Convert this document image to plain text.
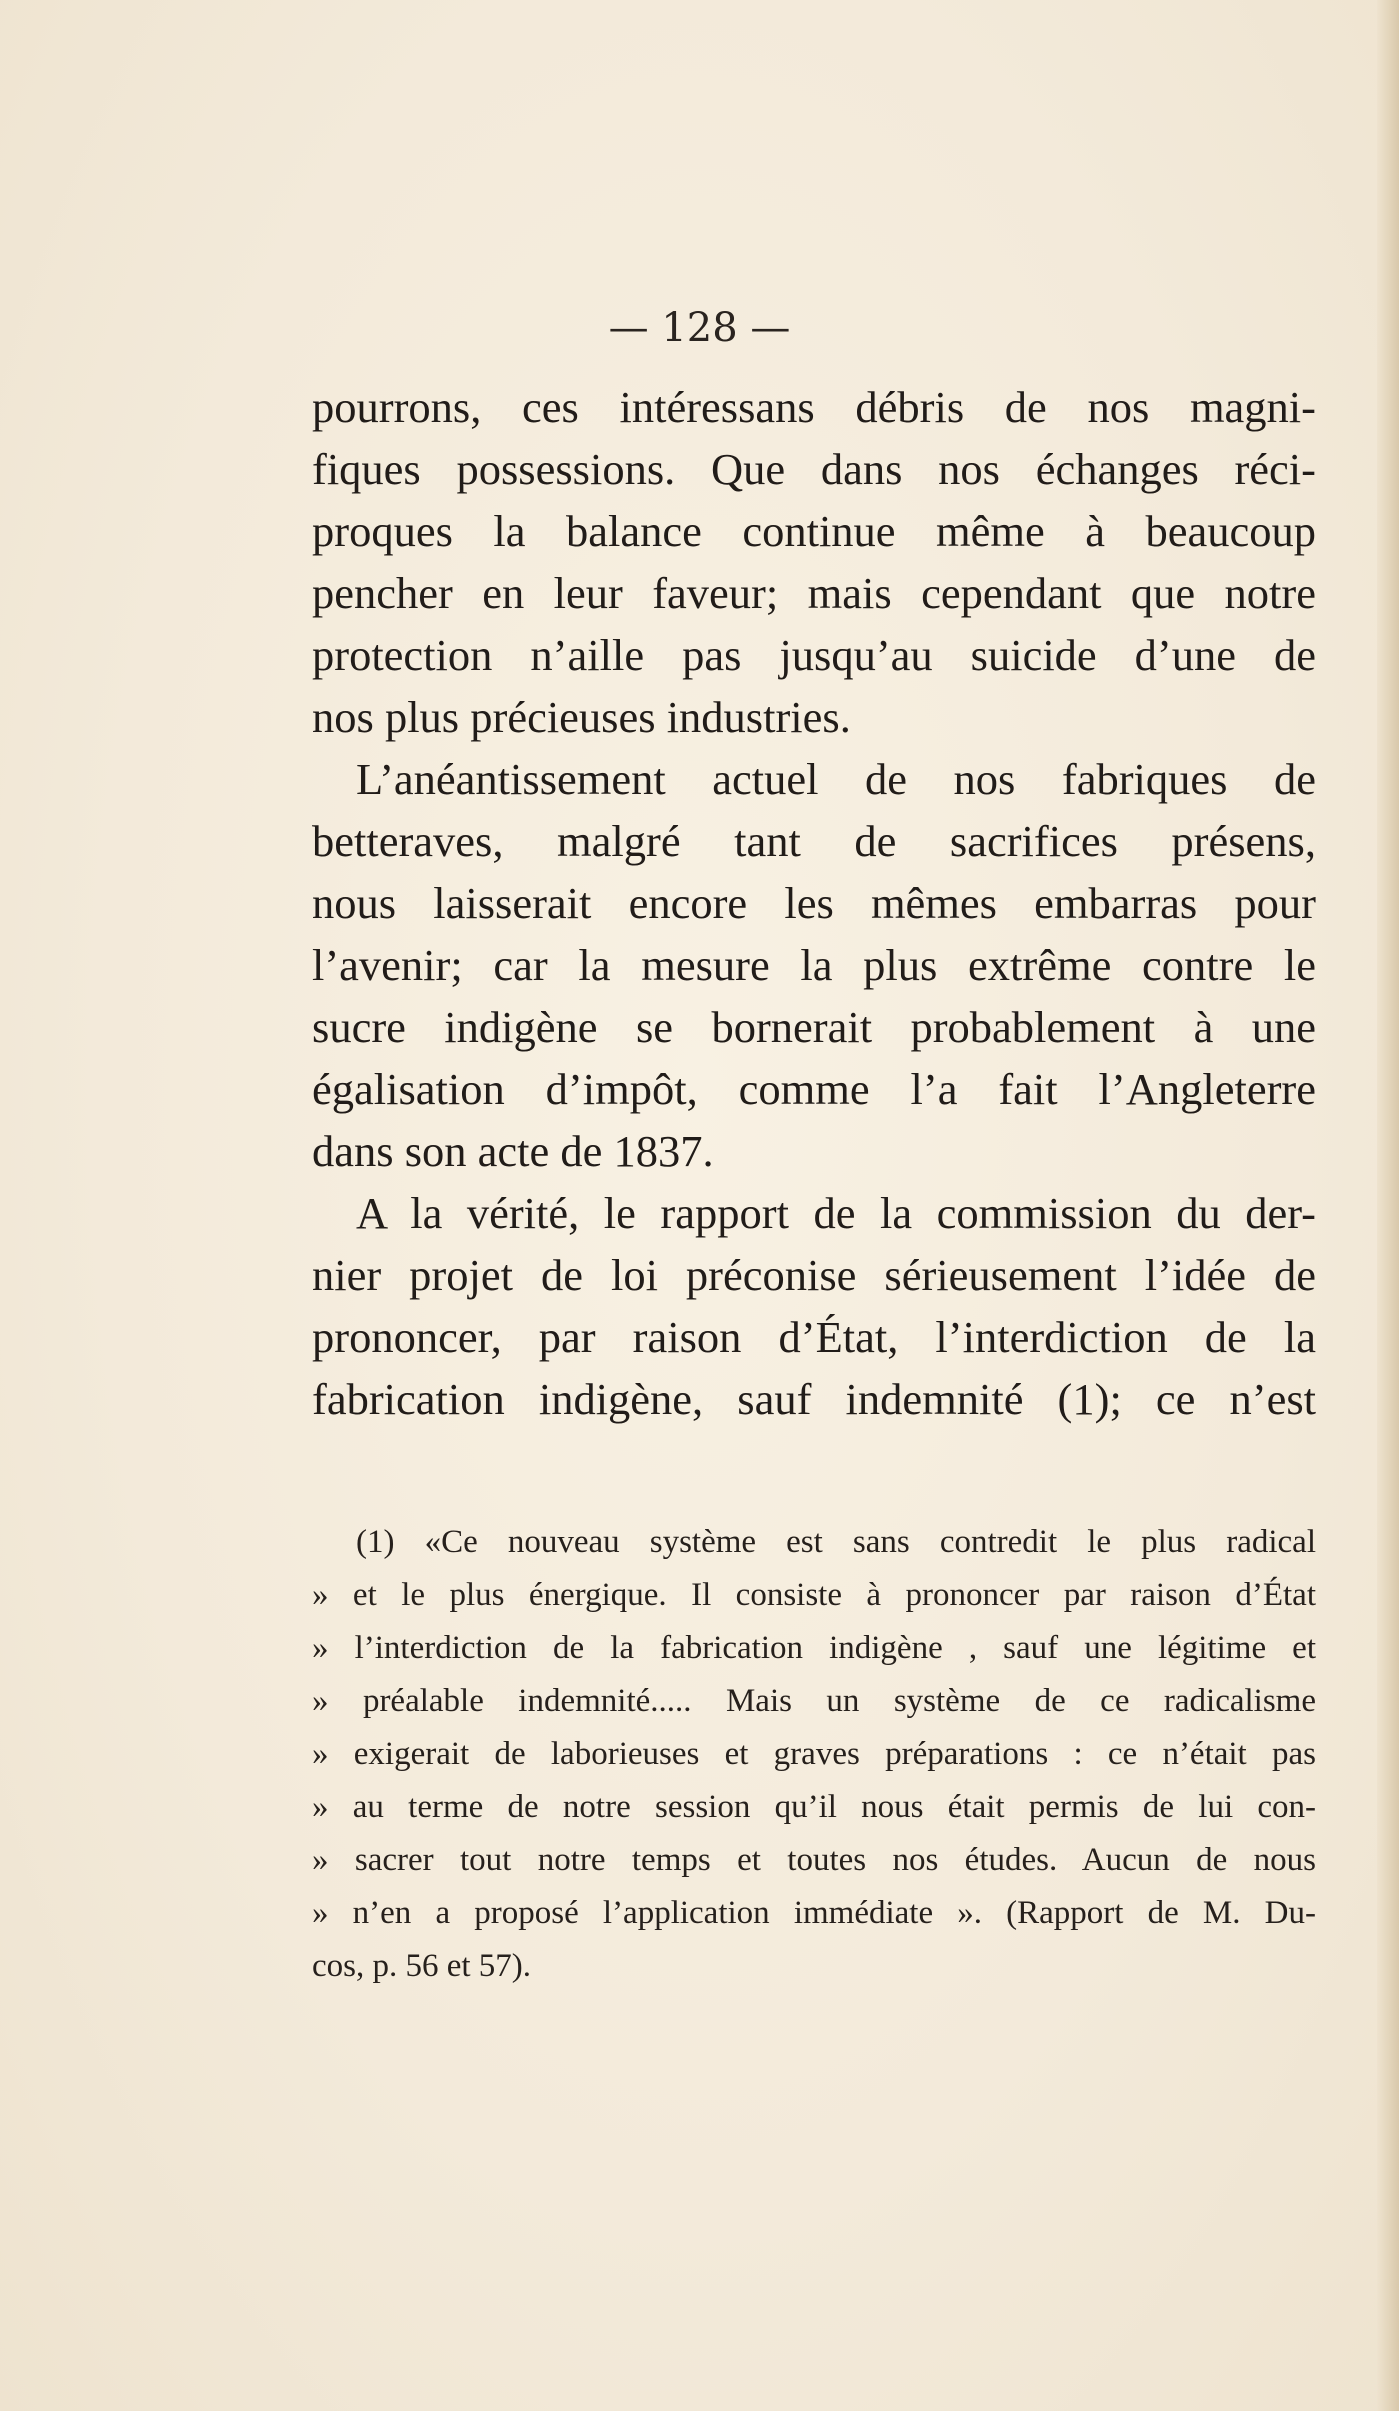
— 128 —
pourrons, ces intéressans débris de nos magni-
fiques possessions. Que dans nos échanges réci-
proques la balance continue même à beaucoup
pencher en leur faveur; mais cependant que notre
protection n’aille pas jusqu’au suicide d’une de
nos plus précieuses industries.
L’anéantissement actuel de nos fabriques de
betteraves, malgré tant de sacrifices présens,
nous laisserait encore les mêmes embarras pour
l’avenir; car la mesure la plus extrême contre le
sucre indigène se bornerait probablement à une
égalisation d’impôt, comme l’a fait l’Angleterre
dans son acte de 1837.
A la vérité, le rapport de la commission du der-
nier projet de loi préconise sérieusement l’idée de
prononcer, par raison d’État, l’interdiction de la
fabrication indigène, sauf indemnité (1); ce n’est
(1) «Ce nouveau système est sans contredit le plus radical
» et le plus énergique. Il consiste à prononcer par raison d’État
» l’interdiction de la fabrication indigène , sauf une légitime et
» préalable indemnité..... Mais un système de ce radicalisme
» exigerait de laborieuses et graves préparations : ce n’était pas
» au terme de notre session qu’il nous était permis de lui con-
» sacrer tout notre temps et toutes nos études. Aucun de nous
» n’en a proposé l’application immédiate ». (Rapport de M. Du-
cos, p. 56 et 57).
